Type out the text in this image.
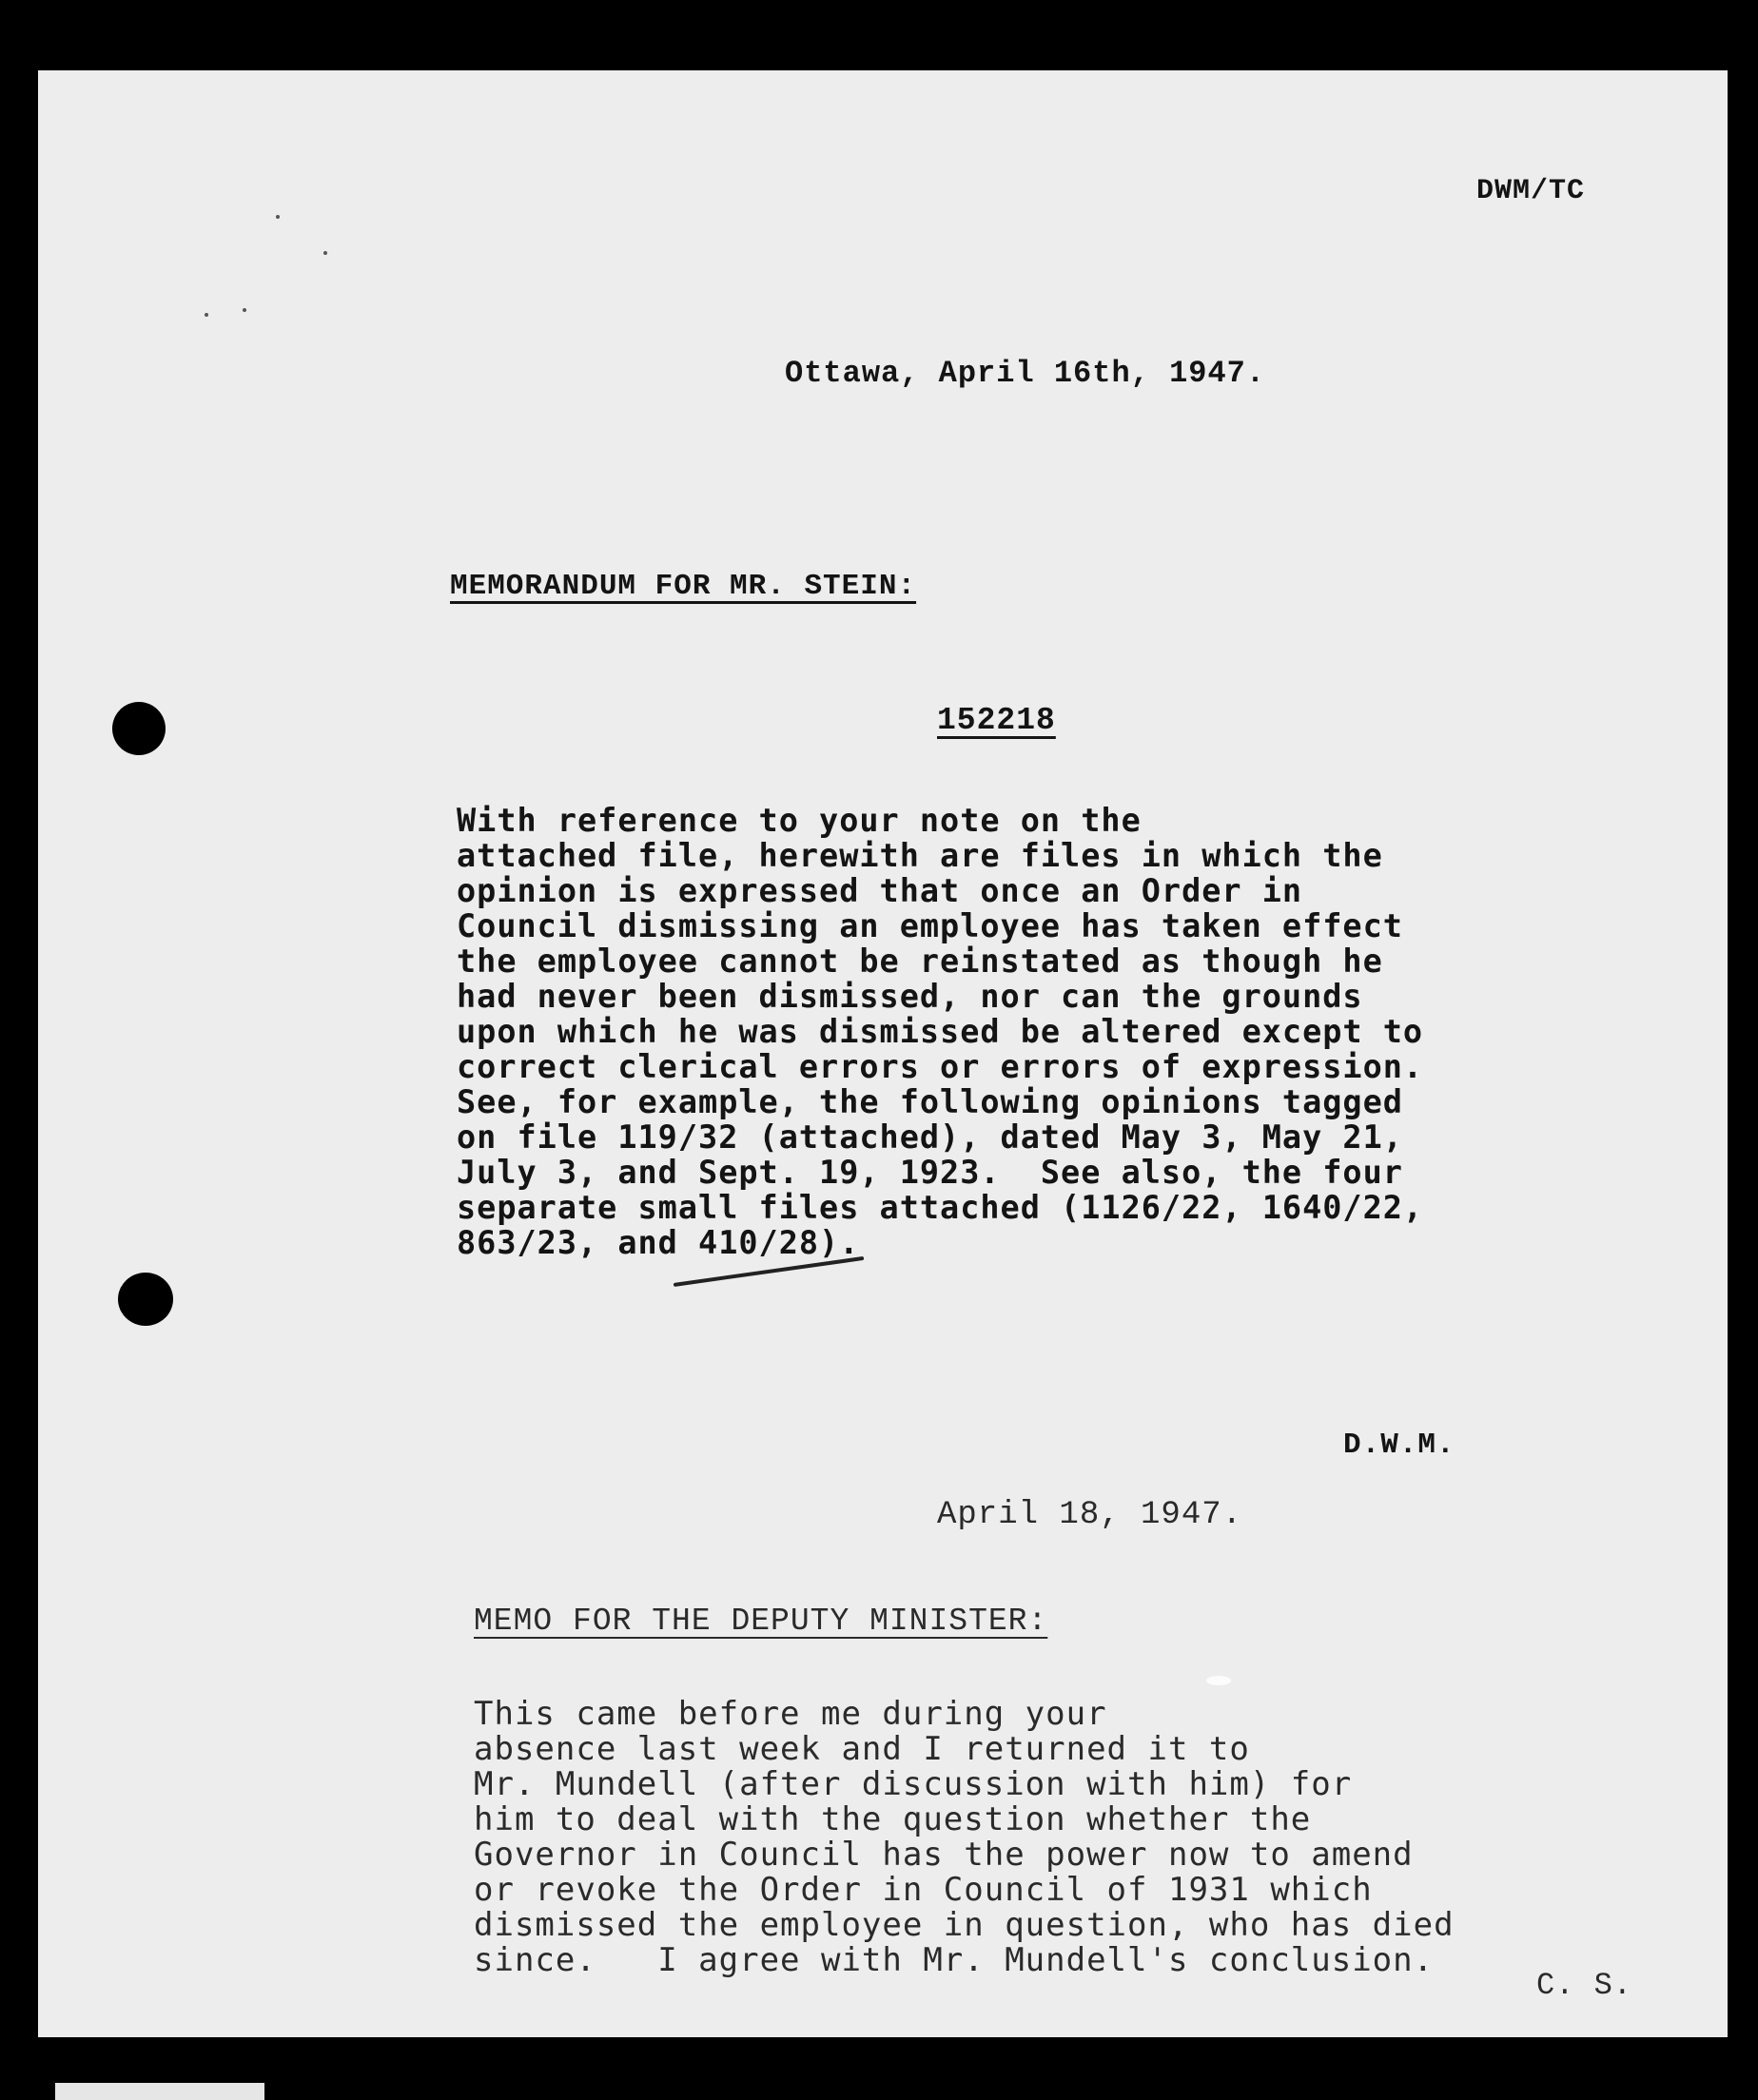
DWM/TC
Ottawa, April 16th, 1947.
MEMORANDUM FOR MR. STEIN:
152218
With reference to your note on the
attached file, herewith are files in which the
opinion is expressed that once an Order in
Council dismissing an employee has taken effect
the employee cannot be reinstated as though he
had never been dismissed, nor can the grounds
upon which he was dismissed be altered except to
correct clerical errors or errors of expression.
See, for example, the following opinions tagged
on file 119/32 (attached), dated May 3, May 21,
July 3, and Sept. 19, 1923.  See also, the four
separate small files attached (1126/22, 1640/22,
863/23, and 410/28).
D.W.M.
April 18, 1947.
MEMO FOR THE DEPUTY MINISTER:
This came before me during your
absence last week and I returned it to
Mr. Mundell (after discussion with him) for
him to deal with the question whether the
Governor in Council has the power now to amend
or revoke the Order in Council of 1931 which
dismissed the employee in question, who has died
since.   I agree with Mr. Mundell's conclusion.
C. S.
